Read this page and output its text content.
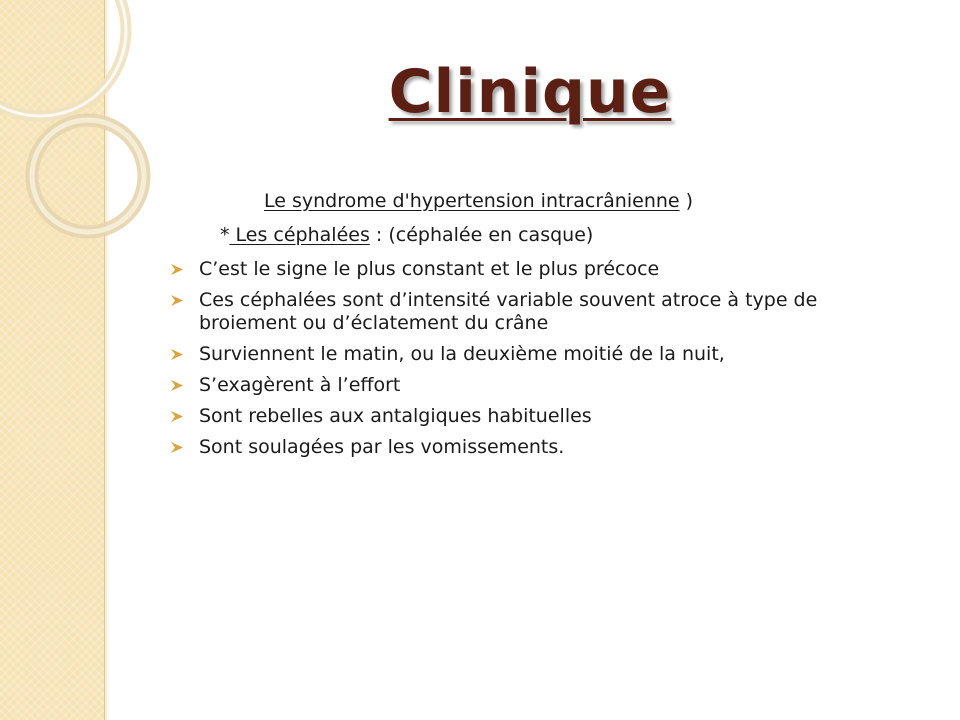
Clinique
Le syndrome d'hypertension intracrânienne )
* Les céphalées : (céphalée en casque)
C’est le signe le plus constant et le plus précoce
Ces céphalées sont d’intensité variable souvent atroce à type de broiement ou d’éclatement du crâne
Surviennent le matin, ou la deuxième moitié de la nuit,
S’exagèrent à l’effort
Sont rebelles aux antalgiques habituelles
Sont soulagées par les vomissements.
